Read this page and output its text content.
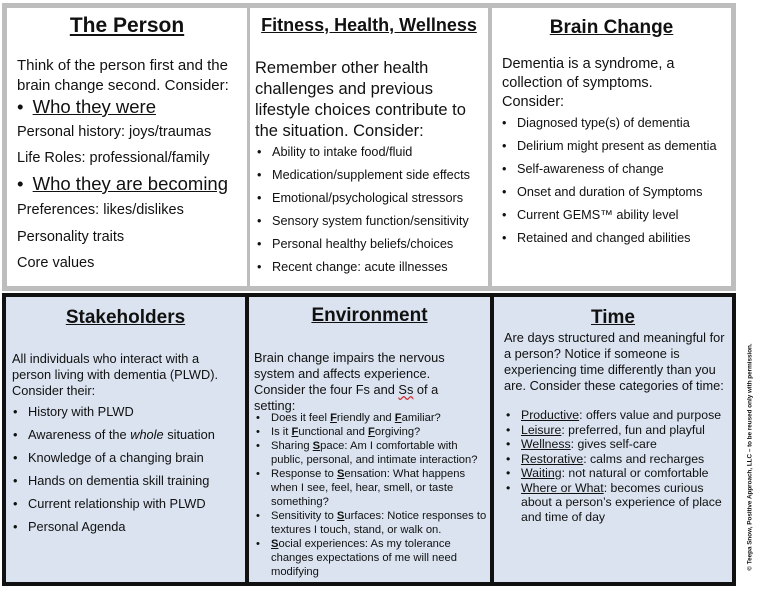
The Person
Think of the person first and the brain change second. Consider:
• Who they were
Personal history: joys/traumas
Life Roles: professional/family
• Who they are becoming
Preferences: likes/dislikes
Personality traits
Core values
Fitness, Health, Wellness
Remember other health challenges and previous lifestyle choices contribute to the situation. Consider:
• Ability to intake food/fluid
• Medication/supplement side effects
• Emotional/psychological stressors
• Sensory system function/sensitivity
• Personal healthy beliefs/choices
• Recent change: acute illnesses
Brain Change
Dementia is a syndrome, a collection of symptoms. Consider:
• Diagnosed type(s) of dementia
• Delirium might present as dementia
• Self-awareness of change
• Onset and duration of Symptoms
• Current GEMS™ ability level
• Retained and changed abilities
Stakeholders
All individuals who interact with a person living with dementia (PLWD). Consider their:
• History with PLWD
• Awareness of the whole situation
• Knowledge of a changing brain
• Hands on dementia skill training
• Current relationship with PLWD
• Personal Agenda
Environment
Brain change impairs the nervous system and affects experience. Consider the four Fs and Ss of a setting:
• Does it feel Friendly and Familiar?
• Is it Functional and Forgiving?
• Sharing Space: Am I comfortable with public, personal, and intimate interaction?
• Response to Sensation: What happens when I see, feel, hear, smell, or taste something?
• Sensitivity to Surfaces: Notice responses to textures I touch, stand, or walk on.
• Social experiences: As my tolerance changes expectations of me will need modifying
Time
Are days structured and meaningful for a person? Notice if someone is experiencing time differently than you are. Consider these categories of time:
• Productive: offers value and purpose
• Leisure: preferred, fun and playful
• Wellness: gives self-care
• Restorative: calms and recharges
• Waiting: not natural or comfortable
• Where or What: becomes curious about a person’s experience of place and time of day	© Teepa Snow, Positive Approach, LLC – to be reused only with permission.
